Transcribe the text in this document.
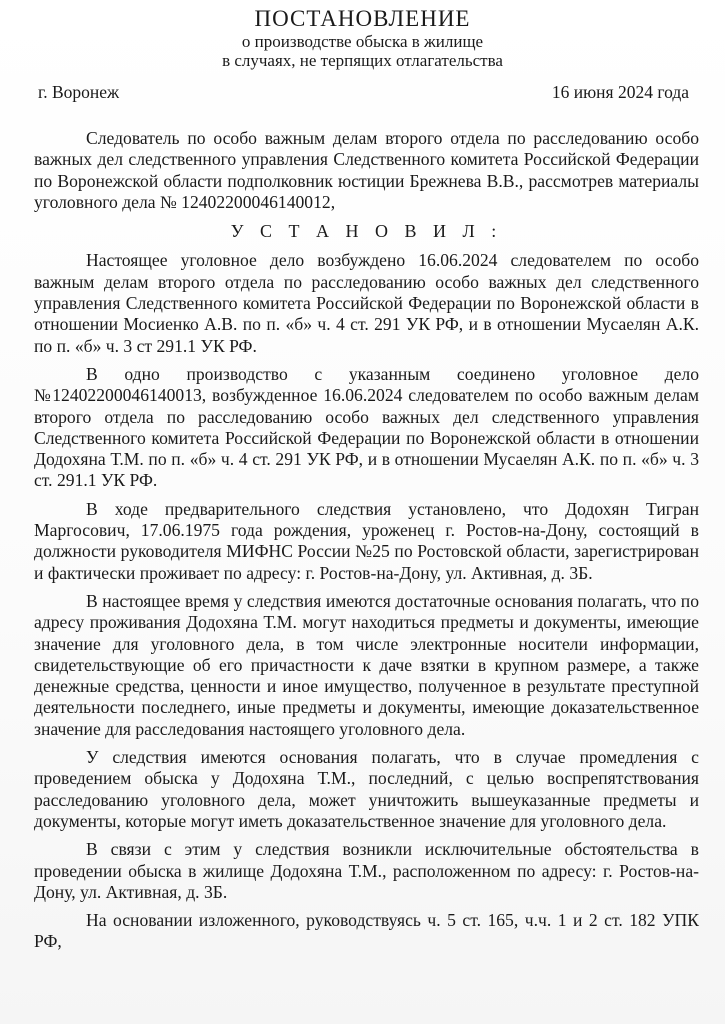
ПОСТАНОВЛЕНИЕ
о производстве обыска в жилище
в случаях, не терпящих отлагательства
г. Воронеж	16 июня 2024 года

Следователь по особо важным делам второго отдела по расследованию особо важных дел следственного управления Следственного комитета Российской Федерации по Воронежской области подполковник юстиции Брежнева В.В., рассмотрев материалы уголовного дела № 12402200046140012,

У С Т А Н О В И Л :

Настоящее уголовное дело возбуждено 16.06.2024 следователем по особо важным делам второго отдела по расследованию особо важных дел следственного управления Следственного комитета Российской Федерации по Воронежской области в отношении Мосиенко А.В. по п. «б» ч. 4 ст. 291 УК РФ, и в отношении Мусаелян А.К. по п. «б» ч. 3 ст 291.1 УК РФ.

В одно производство с указанным соединено уголовное дело №12402200046140013, возбужденное 16.06.2024 следователем по особо важным делам второго отдела по расследованию особо важных дел следственного управления Следственного комитета Российской Федерации по Воронежской области в отношении Додохяна Т.М. по п. «б» ч. 4 ст. 291 УК РФ, и в отношении Мусаелян А.К. по п. «б» ч. 3 ст. 291.1 УК РФ.

В ходе предварительного следствия установлено, что Додохян Тигран Маргосович, 17.06.1975 года рождения, уроженец г. Ростов-на-Дону, состоящий в должности руководителя МИФНС России №25 по Ростовской области, зарегистрирован и фактически проживает по адресу: г. Ростов-на-Дону, ул. Активная, д. 3Б.

В настоящее время у следствия имеются достаточные основания полагать, что по адресу проживания Додохяна Т.М. могут находиться предметы и документы, имеющие значение для уголовного дела, в том числе электронные носители информации, свидетельствующие об его причастности к даче взятки в крупном размере, а также денежные средства, ценности и иное имущество, полученное в результате преступной деятельности последнего, иные предметы и документы, имеющие доказательственное значение для расследования настоящего уголовного дела.

У следствия имеются основания полагать, что в случае промедления с проведением обыска у Додохяна Т.М., последний, с целью воспрепятствования расследованию уголовного дела, может уничтожить вышеуказанные предметы и документы, которые могут иметь доказательственное значение для уголовного дела.

В связи с этим у следствия возникли исключительные обстоятельства в проведении обыска в жилище Додохяна Т.М., расположенном по адресу: г. Ростов-на-Дону, ул. Активная, д. 3Б.

На основании изложенного, руководствуясь ч. 5 ст. 165, ч.ч. 1 и 2 ст. 182 УПК РФ,
